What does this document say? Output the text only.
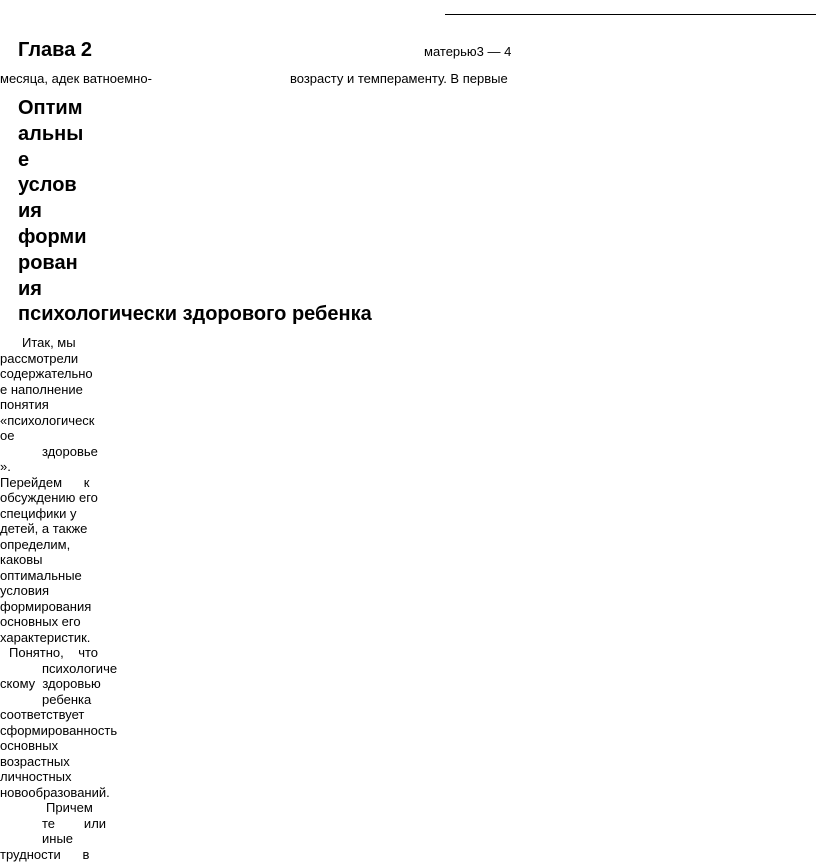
Глава 2	матерью3 — 4
месяца, адек ватноемно-	возрасту и темпераменту. В первые
Оптим
альны
е
услов
ия
форми
рован
ия
психологически здорового ребенка
Итак, мы
рассмотрели
содержательно
е наполнение
понятия
«психологическ
ое
здоровье
».
Перейдем      к
обсуждению его
специфики у
детей, а также
определим,
каковы
оптимальные
условия
формирования
основных его
характеристик.
Понятно,    что
психологиче
скому  здоровью
ребенка
соответствует
сформированность
основных
возрастных
личностных
новообразований.
Причем
те        или
иные
трудности      в
